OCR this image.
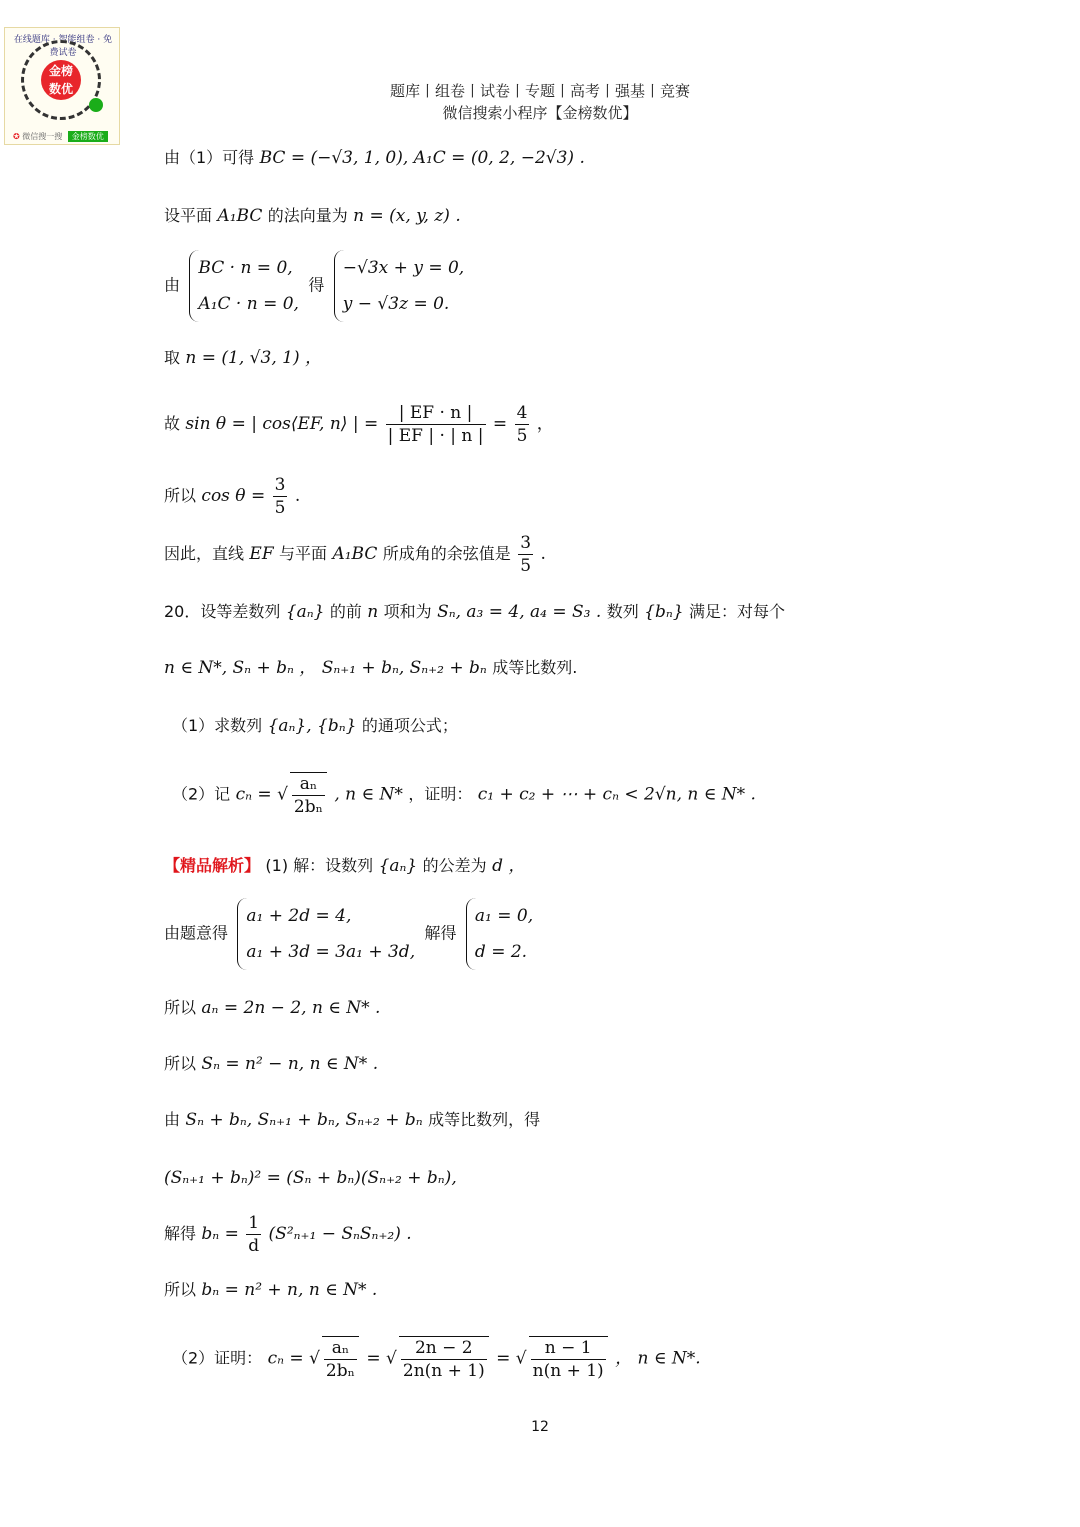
在线题库 · 智能组卷 · 免费试卷
金榜
数优
✪ 微信搜一搜 金榜数优
题库丨组卷丨试卷丨专题丨高考丨强基丨竞赛
微信搜索小程序【金榜数优】
由（1）可得 BC = (−√3, 1, 0), A₁C = (0, 2, −2√3) .
设平面 A₁BC 的法向量为 n = (x, y, z) .
由
BC · n = 0,
A₁C · n = 0,
得
−√3x + y = 0,
y − √3z = 0.
取 n = (1, √3, 1) ，
故 sin θ = | cos⟨EF, n⟩ | = $\frac{| EF \cdot n |}{| EF | \cdot | n |} = \frac{4}{5}$ ，
所以 $\cos \theta = \frac{3}{5}$ .
因此，直线 EF 与平面 A₁BC 所成角的余弦值是 $\frac{3}{5}$ .
20．设等差数列 {aₙ} 的前 n 项和为 Sₙ, a₃ = 4, a₄ = S₃ . 数列 {bₙ} 满足：对每个
n ∈ N*, Sₙ + bₙ ， Sₙ₊₁ + bₙ, Sₙ₊₂ + bₙ 成等比数列.
（1）求数列 {aₙ}, {bₙ} 的通项公式；
（2）记 cₙ = √ $\frac{\text{aₙ}}{\text{2bₙ}}$ , n ∈ N* ，证明： c₁ + c₂ + ⋯ + cₙ < 2√n, n ∈ N* .
【精品解析】 (1) 解：设数列 {aₙ} 的公差为 d ，
由题意得
a₁ + 2d = 4,
a₁ + 3d = 3a₁ + 3d,
解得
a₁ = 0,
d = 2.
所以 aₙ = 2n − 2, n ∈ N* .
所以 Sₙ = n² − n, n ∈ N* .
由 Sₙ + bₙ, Sₙ₊₁ + bₙ, Sₙ₊₂ + bₙ 成等比数列，得
(Sₙ₊₁ + bₙ)² = (Sₙ + bₙ)(Sₙ₊₂ + bₙ),
解得 $b_n = \frac{1}{d} (S^2_{n+1} - S_nS_{n+2})$ .
所以 bₙ = n² + n, n ∈ N* .
（2）证明： cₙ = √ $\frac{\text{aₙ}}{\text{2bₙ}}$ = √ $\frac{2n - 2}{2n(n + 1)}$ = √ $\frac{n - 1}{n(n + 1)}$ ， n ∈ N*.
12
